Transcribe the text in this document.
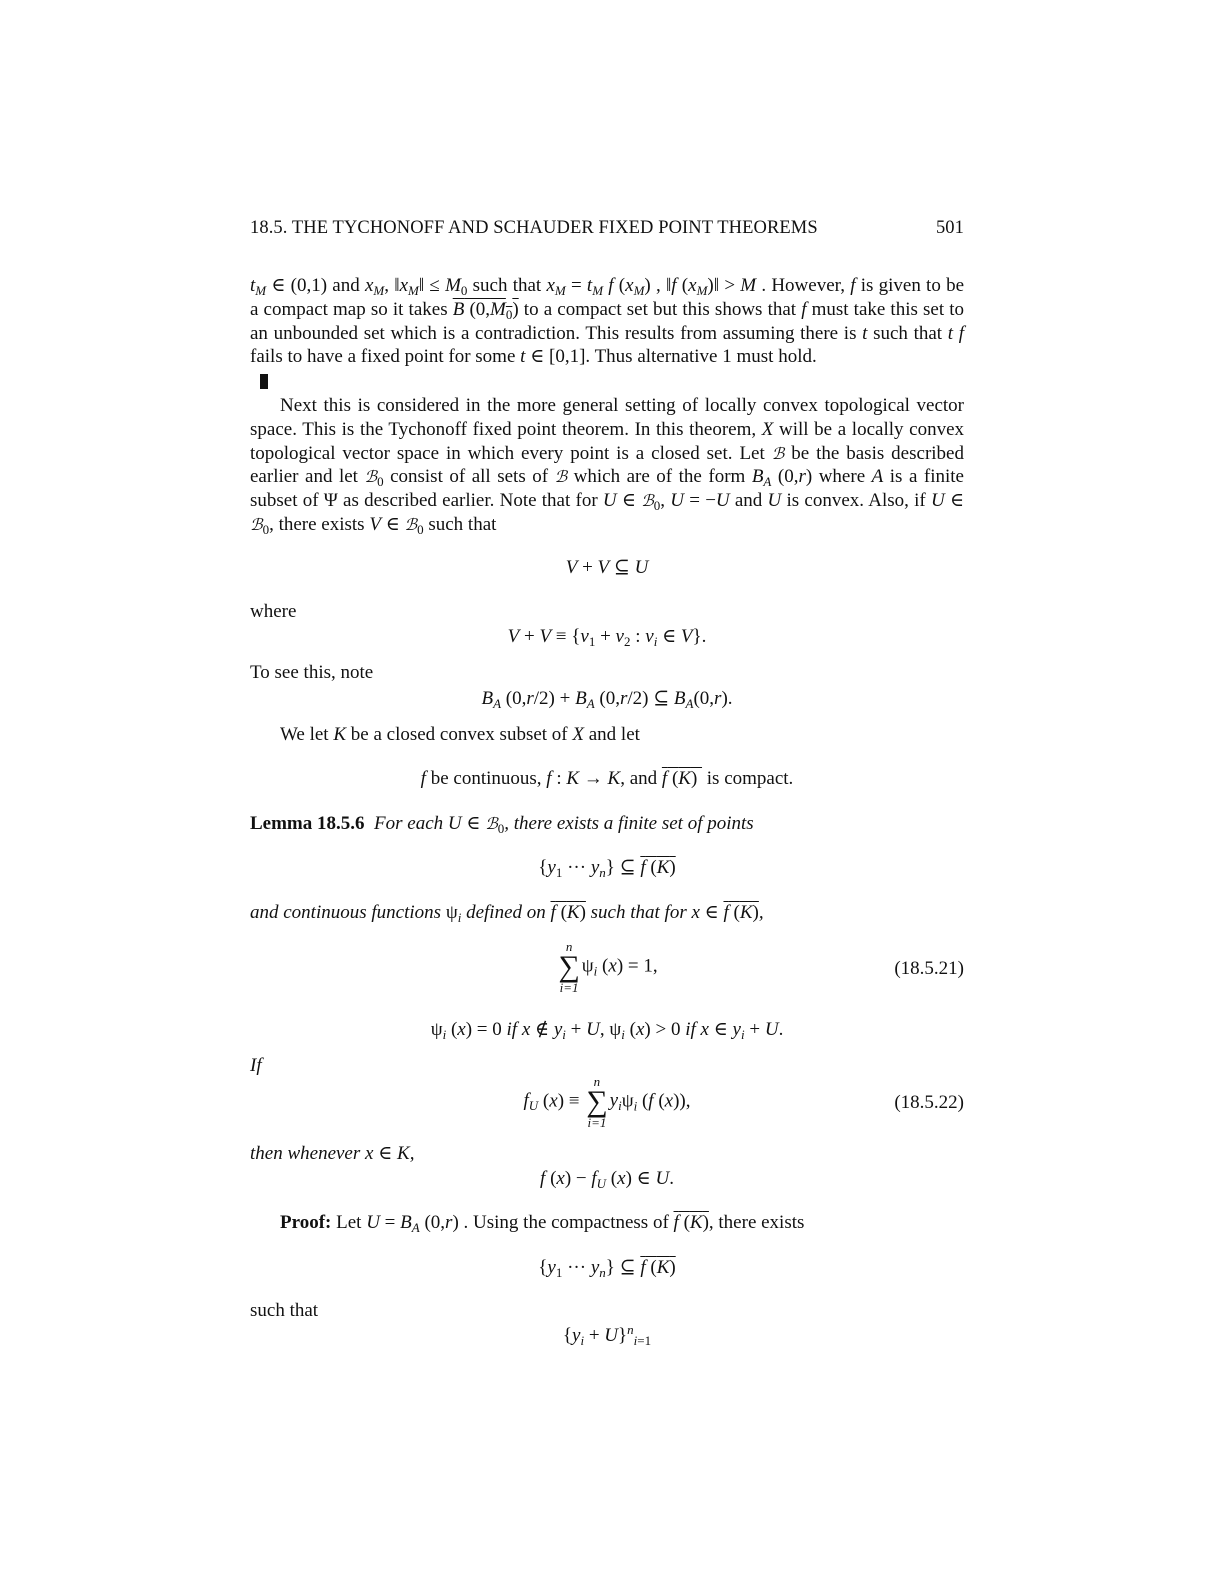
18.5. THE TYCHONOFF AND SCHAUDER FIXED POINT THEOREMS	501

$t_M$ ∈ (0,1) and $x_M$, $‖x_M‖ \le M_0$ such that $x_M = t_M$ f $(x_M)$ , ‖f $(x_M)‖ > M$ . However, f is given to be a compact map so it takes B $(0,M_0)$ to a compact set but this shows that f must take this set to an unbounded set which is a contradiction. This results from assuming there is t such that t f fails to have a fixed point for some t ∈ [0,1]. Thus alternative 1 must hold.

Next this is considered in the more general setting of locally convex topological vector space. This is the Tychonoff fixed point theorem. In this theorem, X will be a locally convex topological vector space in which every point is a closed set. Let ℬ be the basis described earlier and let ℬ$_0$ consist of all sets of ℬ which are of the form $B_A$ (0,r) where A is a finite subset of Ψ as described earlier. Note that for U ∈ ℬ$_0$, U = −U and U is convex. Also, if U ∈ ℬ$_0$, there exists V ∈ ℬ$_0$ such that

V + V ⊆ U
where
$V + V \equiv \{v_1 + v_2$ : $v_i$ ∈ V}.
To see this, note
$B_A$ $(0,r/2) + B_A$ (0,r/2) ⊆ $B_A(0,r)$.
We let K be a closed convex subset of X and let
f be continuous, f : K → K, and f (K)  is compact.
Lemma 18.5.6 For each U ∈ ℬ$_0$, there exists a finite set of points
{$y_1$ ··· $y_n$} ⊆ f (K)
and continuous functions $\psi_i$ defined on f (K) such that for x ∈ f (K),
n
∑
i=1
$\psi_i$ (x) = 1,	(18.5.21)
$\psi_i$ (x) = 0 if x ∉ $y_i + U$, $\psi_i$ (x) > 0 if x ∈ $y_i + U$.
If
$f_U$ (x) ≡
n
∑
i=1
$y_i\psi_i$ (f (x)),	(18.5.22)
then whenever x ∈ K,
f $(x) - f_U$ (x) ∈ U.
Proof: Let $U = B_A$ (0,r) . Using the compactness of f (K), there exists
{$y_1$ ··· $y_n$} ⊆ f (K)
such that
$\{y_i + U\}^n_{i=1}$
